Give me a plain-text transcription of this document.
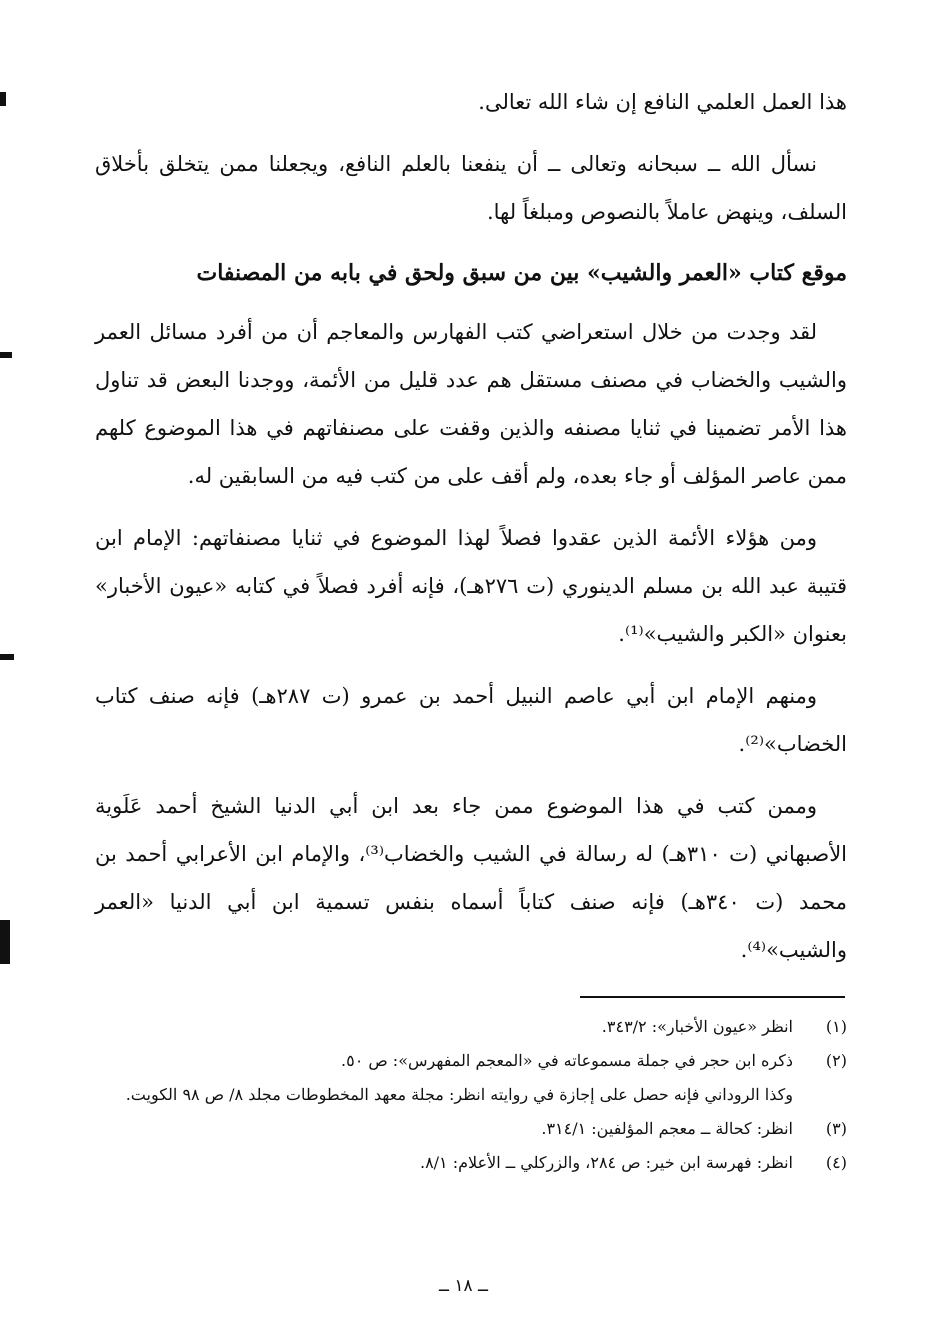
هذا العمل العلمي النافع إن شاء الله تعالى.

نسأل الله ــ سبحانه وتعالى ــ أن ينفعنا بالعلم النافع، ويجعلنا ممن يتخلق بأخلاق السلف، وينهض عاملاً بالنصوص ومبلغاً لها.

موقع كتاب «العمر والشيب» بين من سبق ولحق في بابه من المصنفات

لقد وجدت من خلال استعراضي كتب الفهارس والمعاجم أن من أفرد مسائل العمر والشيب والخضاب في مصنف مستقل هم عدد قليل من الأئمة، ووجدنا البعض قد تناول هذا الأمر تضمينا في ثنايا مصنفه والذين وقفت على مصنفاتهم في هذا الموضوع كلهم ممن عاصر المؤلف أو جاء بعده، ولم أقف على من كتب فيه من السابقين له.

ومن هؤلاء الأئمة الذين عقدوا فصلاً لهذا الموضوع في ثنايا مصنفاتهم: الإمام ابن قتيبة عبد الله بن مسلم الدينوري (ت ٢٧٦هـ)، فإنه أفرد فصلاً في كتابه «عيون الأخبار» بعنوان «الكبر والشيب»⁽¹⁾.

ومنهم الإمام ابن أبي عاصم النبيل أحمد بن عمرو (ت ٢٨٧هـ) فإنه صنف كتاب الخضاب»⁽²⁾.

وممن كتب في هذا الموضوع ممن جاء بعد ابن أبي الدنيا الشيخ أحمد عَلَوية الأصبهاني (ت ٣١٠هـ) له رسالة في الشيب والخضاب⁽³⁾، والإمام ابن الأعرابي أحمد بن محمد (ت ٣٤٠هـ) فإنه صنف كتاباً أسماه بنفس تسمية ابن أبي الدنيا «العمر والشيب»⁽⁴⁾.

(١)
انظر «عيون الأخبار»: ٣٤٣/٢.
(٢)
ذكره ابن حجر في جملة مسموعاته في «المعجم المفهرس»: ص ٥٠.
وكذا الروداني فإنه حصل على إجازة في روايته انظر: مجلة معهد المخطوطات مجلد ٨/ ص ٩٨ الكويت.
(٣)
انظر: كحالة ــ معجم المؤلفين: ٣١٤/١.
(٤)
انظر: فهرسة ابن خير: ص ٢٨٤، والزركلي ــ الأعلام: ٨/١.
ــ ١٨ ــ
